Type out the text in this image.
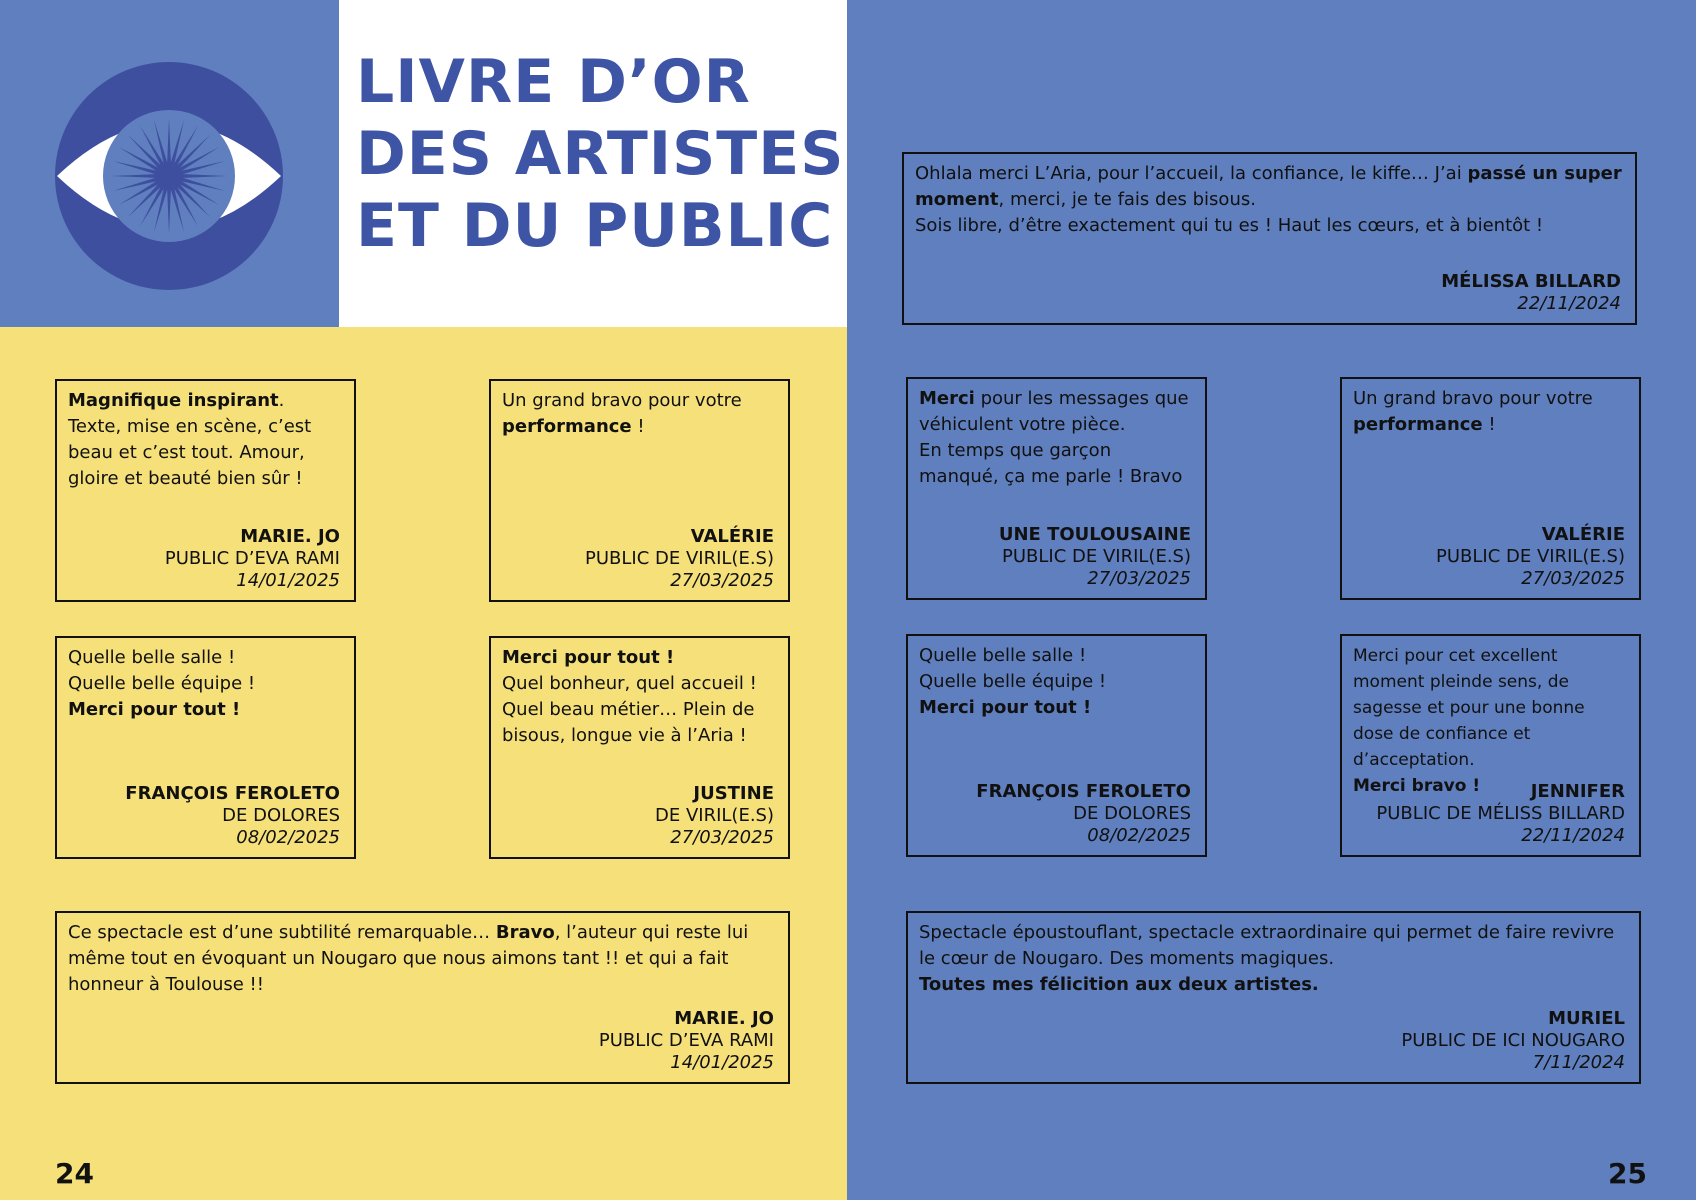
LIVRE D’OR
DES ARTISTES
ET DU PUBLIC
Magnifique inspirant.
Texte, mise en scène, c’est beau et c’est tout. Amour, gloire et beauté bien sûr !
MARIE. JO
PUBLIC D’EVA RAMI
14/01/2025
Un grand bravo pour votre
performance !
VALÉRIE
PUBLIC DE VIRIL(E.S)
27/03/2025
Quelle belle salle !
Quelle belle équipe !
Merci pour tout !
FRANÇOIS FEROLETO
DE DOLORES
08/02/2025
Merci pour tout !
Quel bonheur, quel accueil !
Quel beau métier… Plein de bisous, longue vie à l’Aria !
JUSTINE
DE VIRIL(E.S)
27/03/2025
Ce spectacle est d’une subtilité remarquable… Bravo, l’auteur qui reste lui même tout en évoquant un Nougaro que nous aimons tant !! et qui a fait honneur à Toulouse !!
MARIE. JO
PUBLIC D’EVA RAMI
14/01/2025
Ohlala merci L’Aria, pour l’accueil, la confiance, le kiffe… J’ai passé un super moment, merci, je te fais des bisous.
Sois libre, d’être exactement qui tu es ! Haut les cœurs, et à bientôt !
MÉLISSA BILLARD
22/11/2024
Merci pour les messages que véhiculent votre pièce.
En temps que garçon manqué, ça me parle ! Bravo
UNE TOULOUSAINE
PUBLIC DE VIRIL(E.S)
27/03/2025
Un grand bravo pour votre
performance !
VALÉRIE
PUBLIC DE VIRIL(E.S)
27/03/2025
Quelle belle salle !
Quelle belle équipe !
Merci pour tout !
FRANÇOIS FEROLETO
DE DOLORES
08/02/2025
Merci pour cet excellent moment pleinde sens, de sagesse et pour une bonne dose de confiance et d’acceptation.
Merci bravo !	JENNIFER
PUBLIC DE MÉLISS BILLARD
22/11/2024
Spectacle époustouflant, spectacle extraordinaire qui permet de faire revivre le cœur de Nougaro. Des moments magiques.
Toutes mes félicition aux deux artistes.
MURIEL
PUBLIC DE ICI NOUGARO
7/11/2024
24	25
